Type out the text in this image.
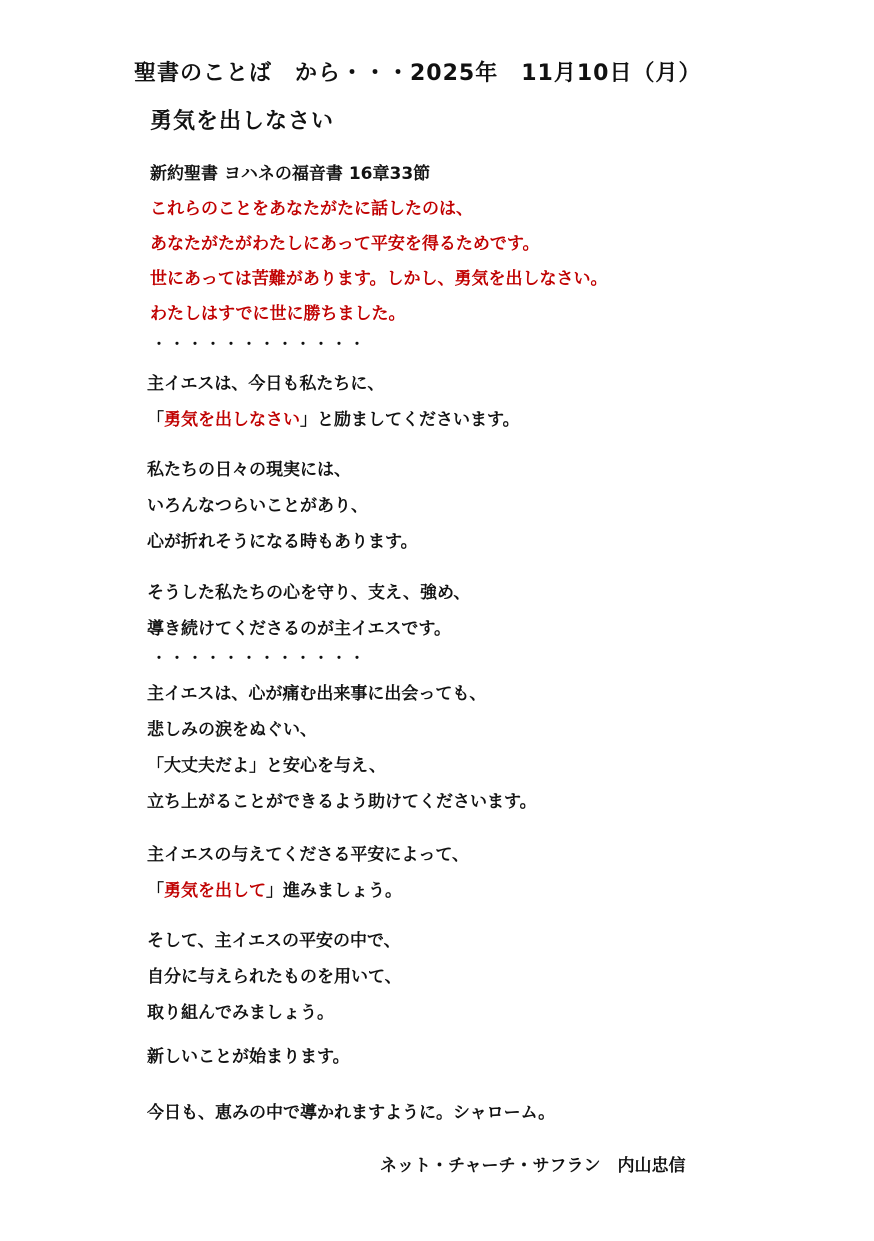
聖書のことば　から・・・2025年　11月10日（月）
勇気を出しなさい
新約聖書 ヨハネの福音書 16章33節
これらのことをあなたがたに話したのは、
あなたがたがわたしにあって平安を得るためです。
世にあっては苦難があります。しかし、勇気を出しなさい。
わたしはすでに世に勝ちました。
・・・・・・・・・・・・
主イエスは、今日も私たちに、
「勇気を出しなさい」と励ましてくださいます。
私たちの日々の現実には、
いろんなつらいことがあり、
心が折れそうになる時もあります。
そうした私たちの心を守り、支え、強め、
導き続けてくださるのが主イエスです。
・・・・・・・・・・・・
主イエスは、心が痛む出来事に出会っても、
悲しみの涙をぬぐい、
「大丈夫だよ」と安心を与え、
立ち上がることができるよう助けてくださいます。
主イエスの与えてくださる平安によって、
「勇気を出して」進みましょう。
そして、主イエスの平安の中で、
自分に与えられたものを用いて、
取り組んでみましょう。
新しいことが始まります。
今日も、恵みの中で導かれますように。シャローム。
ネット・チャーチ・サフラン　内山忠信
